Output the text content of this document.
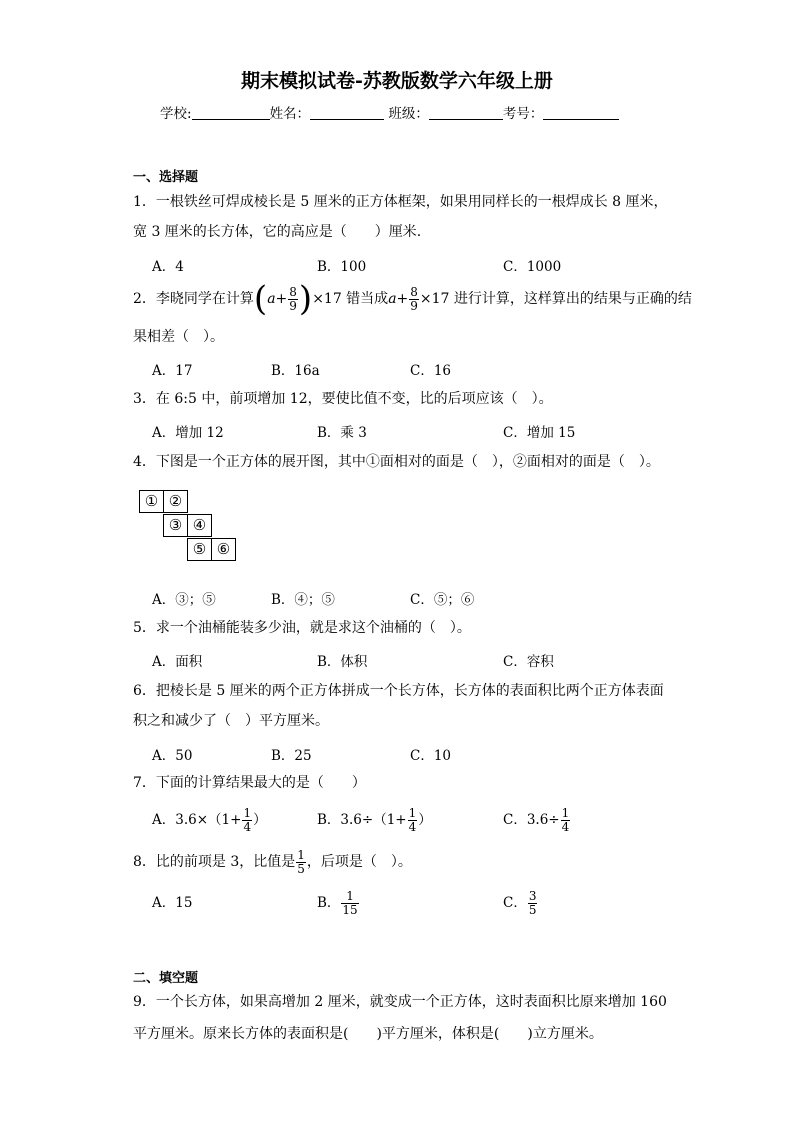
期末模拟试卷-苏教版数学六年级上册
学校:	姓名：	班级：	考号：
一、选择题
1．一根铁丝可焊成棱长是 5 厘米的正方体框架，如果用同样长的一根焊成长 8 厘米，
宽 3 厘米的长方体，它的高应是（　　）厘米.
A．4	B．100	C．1000
2．李晓同学在计算$(a+ \frac{8}{9} )\times 17$ 错当成$a+ \frac{8}{9} \times 17$ 进行计算，这样算出的结果与正确的结
果相差（　）。
A．17	B．16a	C．16
3．在 6:5 中，前项增加 12，要使比值不变，比的后项应该（　）。
A．增加 12	B．乘 3	C．增加 15
4．下图是一个正方体的展开图，其中①面相对的面是（　），②面相对的面是（　）。
① ②
③ ④
⑤ ⑥
A．③；⑤	B．④；⑤	C．⑤；⑥
5．求一个油桶能装多少油，就是求这个油桶的（　）。
A．面积	B．体积	C．容积
6．把棱长是 5 厘米的两个正方体拼成一个长方体，长方体的表面积比两个正方体表面
积之和减少了（　）平方厘米。
A．50	B．25	C．10
7．下面的计算结果最大的是（　　）
A．$3.6\times(1+ \frac{1}{4}$ ）	B．$3.6\div(1+ \frac{1}{4}$ ）	C．$3.6\div \frac{1}{4}$
8．比的前项是 3，比值是 $\frac{1}{5}$ ，后项是（　）。
A．15	B． $\frac{1}{15}$	C． $\frac{3}{5}$
二、填空题
9．一个长方体，如果高增加 2 厘米，就变成一个正方体，这时表面积比原来增加 160
平方厘米。原来长方体的表面积是(　　)平方厘米，体积是(　　)立方厘米。
